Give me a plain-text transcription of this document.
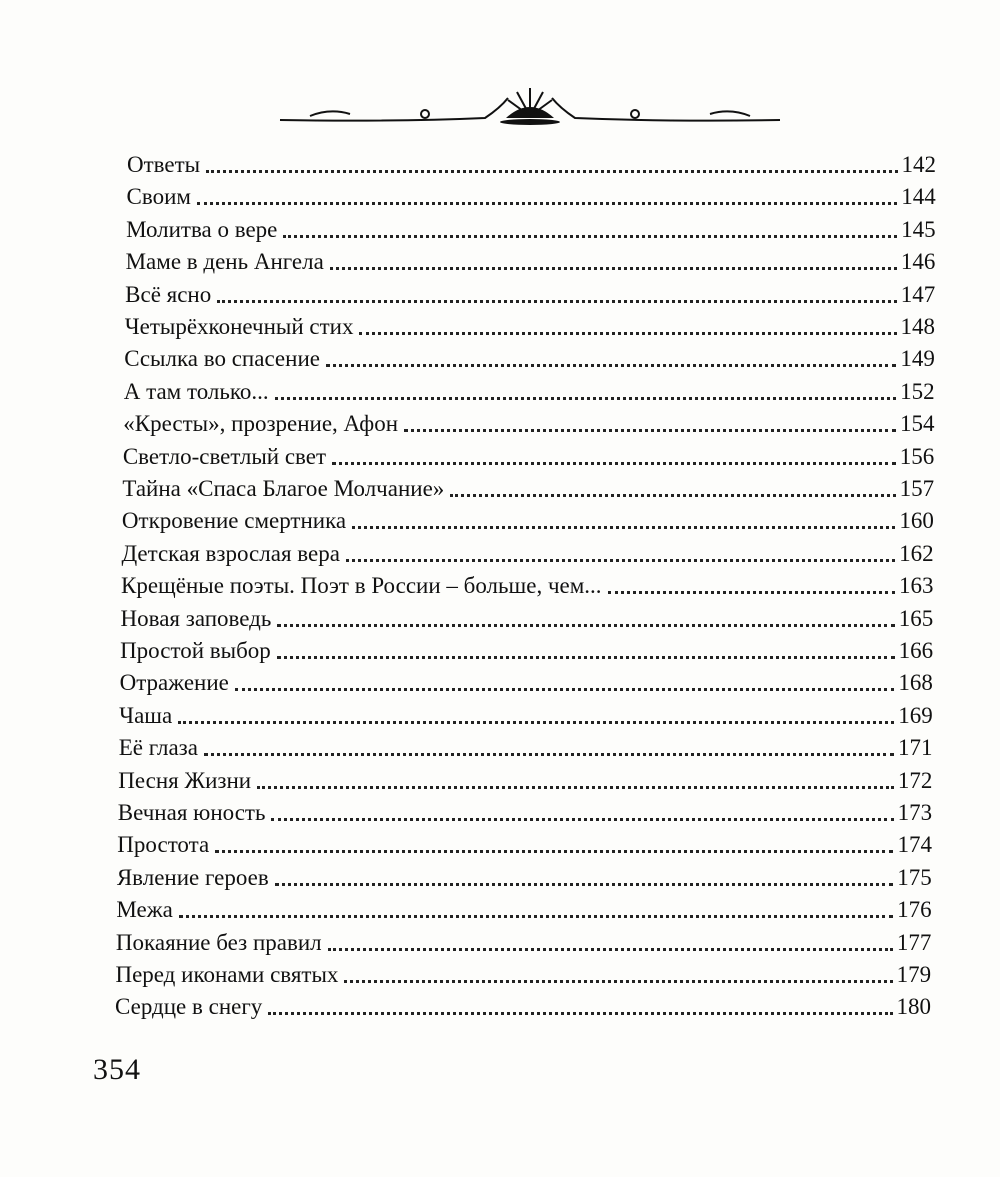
Ответы	142
Своим	144
Молитва о вере	145
Маме в день Ангела	146
Всё ясно	147
Четырёхконечный стих	148
Ссылка во спасение	149
А там только...	152
«Кресты», прозрение, Афон	154
Светло-светлый свет	156
Тайна «Спаса Благое Молчание»	157
Откровение смертника	160
Детская взрослая вера	162
Крещёные поэты. Поэт в России – больше, чем...	163
Новая заповедь	165
Простой выбор	166
Отражение	168
Чаша	169
Её глаза	171
Песня Жизни	172
Вечная юность	173
Простота	174
Явление героев	175
Межа	176
Покаяние без правил	177
Перед иконами святых	179
Сердце в снегу	180
354
